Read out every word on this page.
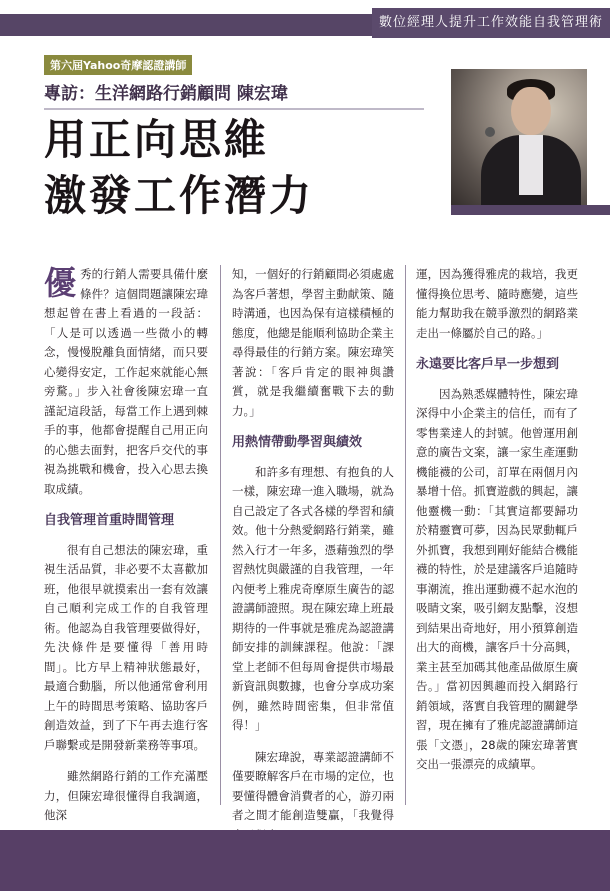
數位經理人提升工作效能自我管理術
第六屆Yahoo奇摩認證講師
專訪：生洋網路行銷顧問 陳宏瑋
用正向思維
激發工作潛力

優秀的行銷人需要具備什麼條件？這個問題讓陳宏瑋想起曾在書上看過的一段話：「人是可以透過一些微小的轉念，慢慢脫離負面情緒，而只要心變得安定，工作起來就能心無旁騖。」步入社會後陳宏瑋一直謹記這段話，每當工作上遇到棘手的事，他都會提醒自己用正向的心態去面對，把客戶交代的事視為挑戰和機會，投入心思去換取成績。

自我管理首重時間管理

很有自己想法的陳宏瑋，重視生活品質，非必要不太喜歡加班，他很早就摸索出一套有效讓自己順利完成工作的自我管理術。他認為自我管理要做得好，先決條件是要懂得「善用時間」。比方早上精神狀態最好，最適合動腦，所以他通常會利用上午的時間思考策略、協助客戶創造效益，到了下午再去進行客戶聯繫或是開發新業務等事項。

雖然網路行銷的工作充滿壓力，但陳宏瑋很懂得自我調適，他深

知，一個好的行銷顧問必須處處為客戶著想，學習主動献策、隨時溝通，也因為保有這樣積極的態度，他總是能順利協助企業主尋得最佳的行銷方案。陳宏瑋笑著說：「客戶肯定的眼神與讚賞，就是我繼續奮戰下去的動力。」

用熱情帶動學習與績效

和許多有理想、有抱負的人一樣，陳宏瑋一進入職場，就為自己設定了各式各樣的學習和績效。他十分熱愛網路行銷業，雖然入行才一年多，憑藉強烈的學習熱忱與嚴謹的自我管理，一年內便考上雅虎奇摩原生廣告的認證講師證照。現在陳宏瑋上班最期待的一件事就是雅虎為認證講師安排的訓練課程。他說：「課堂上老師不但每周會提供市場最新資訊與數據，也會分享成功案例，雖然時間密集，但非常值得！」

陳宏瑋說，專業認證講師不僅要瞭解客戶在市場的定位，也要懂得體會消費者的心，游刃兩者之間才能創造雙贏，「我覺得

運，因為獲得雅虎的栽培，我更懂得換位思考、隨時應變，這些能力幫助我在競爭激烈的網路業走出一條屬於自己的路。」

永遠要比客戶早一步想到

因為熟悉媒體特性，陳宏瑋深得中小企業主的信任，而有了零售業達人的封號。他曾運用創意的廣告文案，讓一家生產運動機能襪的公司，訂單在兩個月內暴增十倍。抓寶遊戲的興起，讓他靈機一動：「其實這都要歸功於精靈寶可夢，因為民眾動輒戶外抓寶，我想到剛好能結合機能襪的特性，於是建議客戶追隨時事潮流，推出運動襪不起水泡的吸睛文案，吸引網友點擊，沒想到結果出奇地好，用小預算創造出大的商機，讓客戶十分高興，業主甚至加碼其他產品做原生廣告。」當初因興趣而投入網路行銷領域，落實自我管理的關鍵學習，現在擁有了雅虎認證講師這張「文憑」，28歲的陳宏瑋著實交出一張漂亮的成績單。
